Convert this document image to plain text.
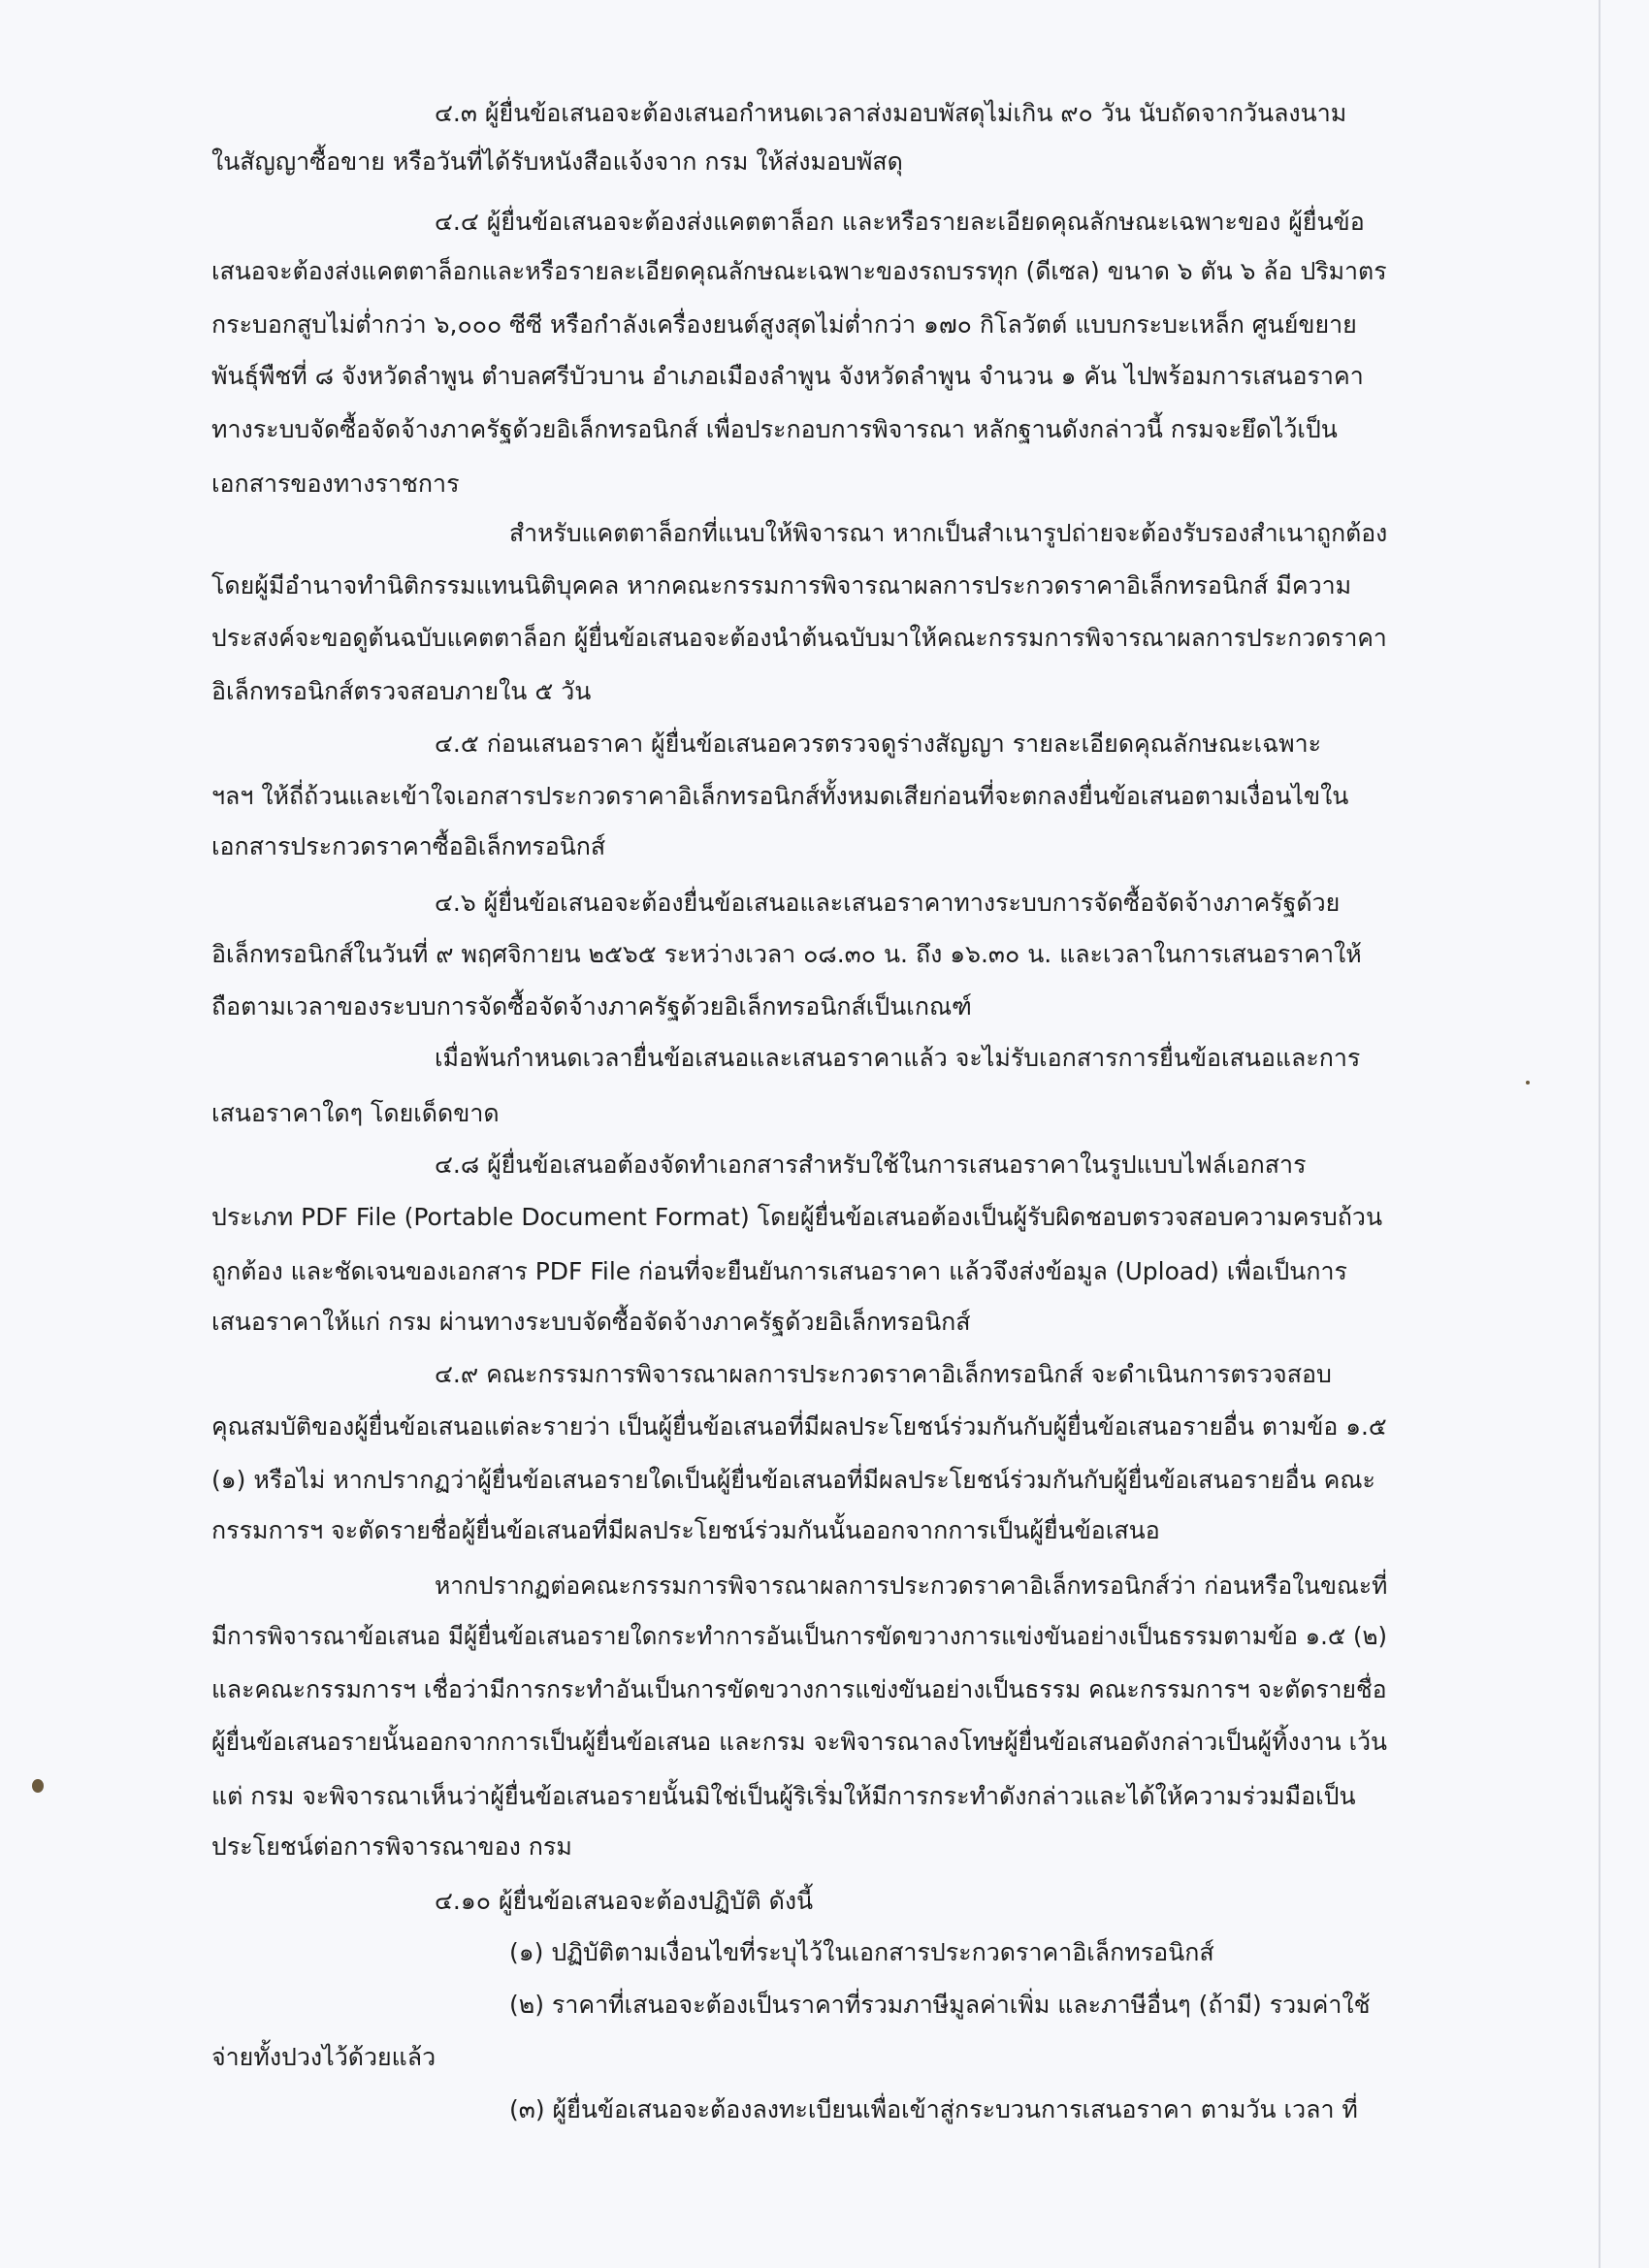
๔.๓ ผู้ยื่นข้อเสนอจะต้องเสนอกำหนดเวลาส่งมอบพัสดุไม่เกิน ๙๐ วัน นับถัดจากวันลงนาม
ในสัญญาซื้อขาย หรือวันที่ได้รับหนังสือแจ้งจาก กรม ให้ส่งมอบพัสดุ
๔.๔ ผู้ยื่นข้อเสนอจะต้องส่งแคตตาล็อก และหรือรายละเอียดคุณลักษณะเฉพาะของ ผู้ยื่นข้อ
เสนอจะต้องส่งแคตตาล็อกและหรือรายละเอียดคุณลักษณะเฉพาะของรถบรรทุก (ดีเซล) ขนาด ๖ ตัน ๖ ล้อ ปริมาตร
กระบอกสูบไม่ต่ำกว่า ๖,๐๐๐ ซีซี หรือกำลังเครื่องยนต์สูงสุดไม่ต่ำกว่า ๑๗๐ กิโลวัตต์ แบบกระบะเหล็ก ศูนย์ขยาย
พันธุ์พืชที่ ๘ จังหวัดลำพูน ตำบลศรีบัวบาน อำเภอเมืองลำพูน จังหวัดลำพูน จำนวน ๑ คัน ไปพร้อมการเสนอราคา
ทางระบบจัดซื้อจัดจ้างภาครัฐด้วยอิเล็กทรอนิกส์ เพื่อประกอบการพิจารณา หลักฐานดังกล่าวนี้ กรมจะยึดไว้เป็น
เอกสารของทางราชการ
สำหรับแคตตาล็อกที่แนบให้พิจารณา หากเป็นสำเนารูปถ่ายจะต้องรับรองสำเนาถูกต้อง
โดยผู้มีอำนาจทำนิติกรรมแทนนิติบุคคล หากคณะกรรมการพิจารณาผลการประกวดราคาอิเล็กทรอนิกส์ มีความ
ประสงค์จะขอดูต้นฉบับแคตตาล็อก ผู้ยื่นข้อเสนอจะต้องนำต้นฉบับมาให้คณะกรรมการพิจารณาผลการประกวดราคา
อิเล็กทรอนิกส์ตรวจสอบภายใน ๕ วัน
๔.๕ ก่อนเสนอราคา ผู้ยื่นข้อเสนอควรตรวจดูร่างสัญญา รายละเอียดคุณลักษณะเฉพาะ
ฯลฯ ให้ถี่ถ้วนและเข้าใจเอกสารประกวดราคาอิเล็กทรอนิกส์ทั้งหมดเสียก่อนที่จะตกลงยื่นข้อเสนอตามเงื่อนไขใน
เอกสารประกวดราคาซื้ออิเล็กทรอนิกส์
๔.๖ ผู้ยื่นข้อเสนอจะต้องยื่นข้อเสนอและเสนอราคาทางระบบการจัดซื้อจัดจ้างภาครัฐด้วย
อิเล็กทรอนิกส์ในวันที่ ๙ พฤศจิกายน ๒๕๖๕ ระหว่างเวลา ๐๘.๓๐ น. ถึง ๑๖.๓๐ น. และเวลาในการเสนอราคาให้
ถือตามเวลาของระบบการจัดซื้อจัดจ้างภาครัฐด้วยอิเล็กทรอนิกส์เป็นเกณฑ์
เมื่อพ้นกำหนดเวลายื่นข้อเสนอและเสนอราคาแล้ว จะไม่รับเอกสารการยื่นข้อเสนอและการ
เสนอราคาใดๆ โดยเด็ดขาด
๔.๘ ผู้ยื่นข้อเสนอต้องจัดทำเอกสารสำหรับใช้ในการเสนอราคาในรูปแบบไฟล์เอกสาร
ประเภท PDF File (Portable Document Format) โดยผู้ยื่นข้อเสนอต้องเป็นผู้รับผิดชอบตรวจสอบความครบถ้วน
ถูกต้อง และชัดเจนของเอกสาร PDF File ก่อนที่จะยืนยันการเสนอราคา แล้วจึงส่งข้อมูล (Upload) เพื่อเป็นการ
เสนอราคาให้แก่ กรม ผ่านทางระบบจัดซื้อจัดจ้างภาครัฐด้วยอิเล็กทรอนิกส์
๔.๙ คณะกรรมการพิจารณาผลการประกวดราคาอิเล็กทรอนิกส์ จะดำเนินการตรวจสอบ
คุณสมบัติของผู้ยื่นข้อเสนอแต่ละรายว่า เป็นผู้ยื่นข้อเสนอที่มีผลประโยชน์ร่วมกันกับผู้ยื่นข้อเสนอรายอื่น ตามข้อ ๑.๕
(๑) หรือไม่ หากปรากฏว่าผู้ยื่นข้อเสนอรายใดเป็นผู้ยื่นข้อเสนอที่มีผลประโยชน์ร่วมกันกับผู้ยื่นข้อเสนอรายอื่น คณะ
กรรมการฯ จะตัดรายชื่อผู้ยื่นข้อเสนอที่มีผลประโยชน์ร่วมกันนั้นออกจากการเป็นผู้ยื่นข้อเสนอ
หากปรากฏต่อคณะกรรมการพิจารณาผลการประกวดราคาอิเล็กทรอนิกส์ว่า ก่อนหรือในขณะที่
มีการพิจารณาข้อเสนอ มีผู้ยื่นข้อเสนอรายใดกระทำการอันเป็นการขัดขวางการแข่งขันอย่างเป็นธรรมตามข้อ ๑.๕ (๒)
และคณะกรรมการฯ เชื่อว่ามีการกระทำอันเป็นการขัดขวางการแข่งขันอย่างเป็นธรรม คณะกรรมการฯ จะตัดรายชื่อ
ผู้ยื่นข้อเสนอรายนั้นออกจากการเป็นผู้ยื่นข้อเสนอ และกรม จะพิจารณาลงโทษผู้ยื่นข้อเสนอดังกล่าวเป็นผู้ทิ้งงาน เว้น
แต่ กรม จะพิจารณาเห็นว่าผู้ยื่นข้อเสนอรายนั้นมิใช่เป็นผู้ริเริ่มให้มีการกระทำดังกล่าวและได้ให้ความร่วมมือเป็น
ประโยชน์ต่อการพิจารณาของ กรม
๔.๑๐ ผู้ยื่นข้อเสนอจะต้องปฏิบัติ ดังนี้
(๑) ปฏิบัติตามเงื่อนไขที่ระบุไว้ในเอกสารประกวดราคาอิเล็กทรอนิกส์
(๒) ราคาที่เสนอจะต้องเป็นราคาที่รวมภาษีมูลค่าเพิ่ม และภาษีอื่นๆ (ถ้ามี) รวมค่าใช้
จ่ายทั้งปวงไว้ด้วยแล้ว
(๓) ผู้ยื่นข้อเสนอจะต้องลงทะเบียนเพื่อเข้าสู่กระบวนการเสนอราคา ตามวัน เวลา ที่
